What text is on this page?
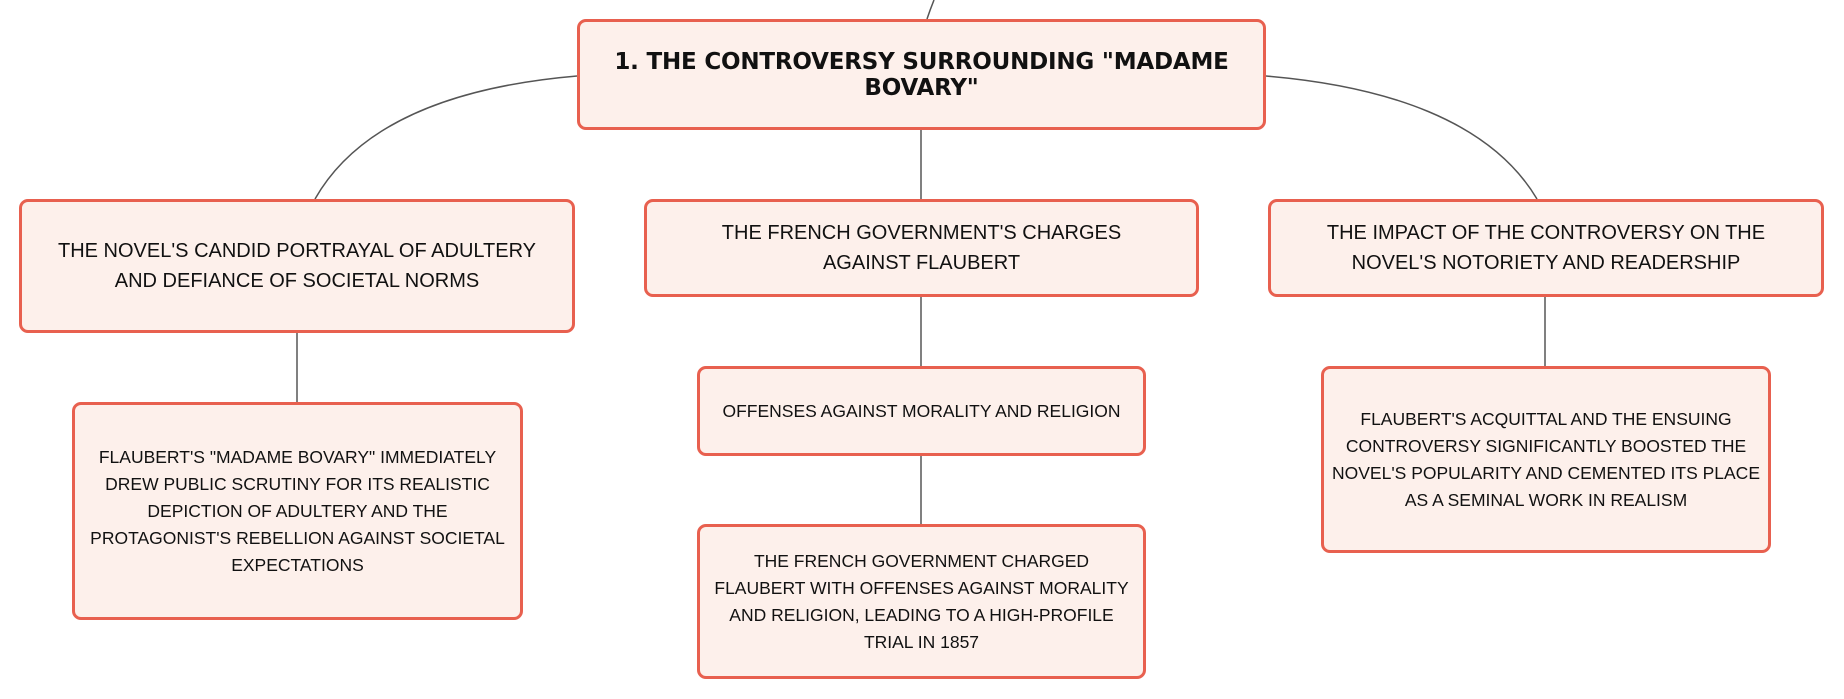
1. THE CONTROVERSY SURROUNDING "MADAME BOVARY"
THE NOVEL'S CANDID PORTRAYAL OF ADULTERY AND DEFIANCE OF SOCIETAL NORMS
FLAUBERT'S "MADAME BOVARY" IMMEDIATELY DREW PUBLIC SCRUTINY FOR ITS REALISTIC DEPICTION OF ADULTERY AND THE PROTAGONIST'S REBELLION AGAINST SOCIETAL EXPECTATIONS
THE FRENCH GOVERNMENT'S CHARGES AGAINST FLAUBERT
OFFENSES AGAINST MORALITY AND RELIGION
THE FRENCH GOVERNMENT CHARGED FLAUBERT WITH OFFENSES AGAINST MORALITY AND RELIGION, LEADING TO A HIGH-PROFILE TRIAL IN 1857
THE IMPACT OF THE CONTROVERSY ON THE NOVEL'S NOTORIETY AND READERSHIP
FLAUBERT'S ACQUITTAL AND THE ENSUING CONTROVERSY SIGNIFICANTLY BOOSTED THE NOVEL'S POPULARITY AND CEMENTED ITS PLACE AS A SEMINAL WORK IN REALISM
